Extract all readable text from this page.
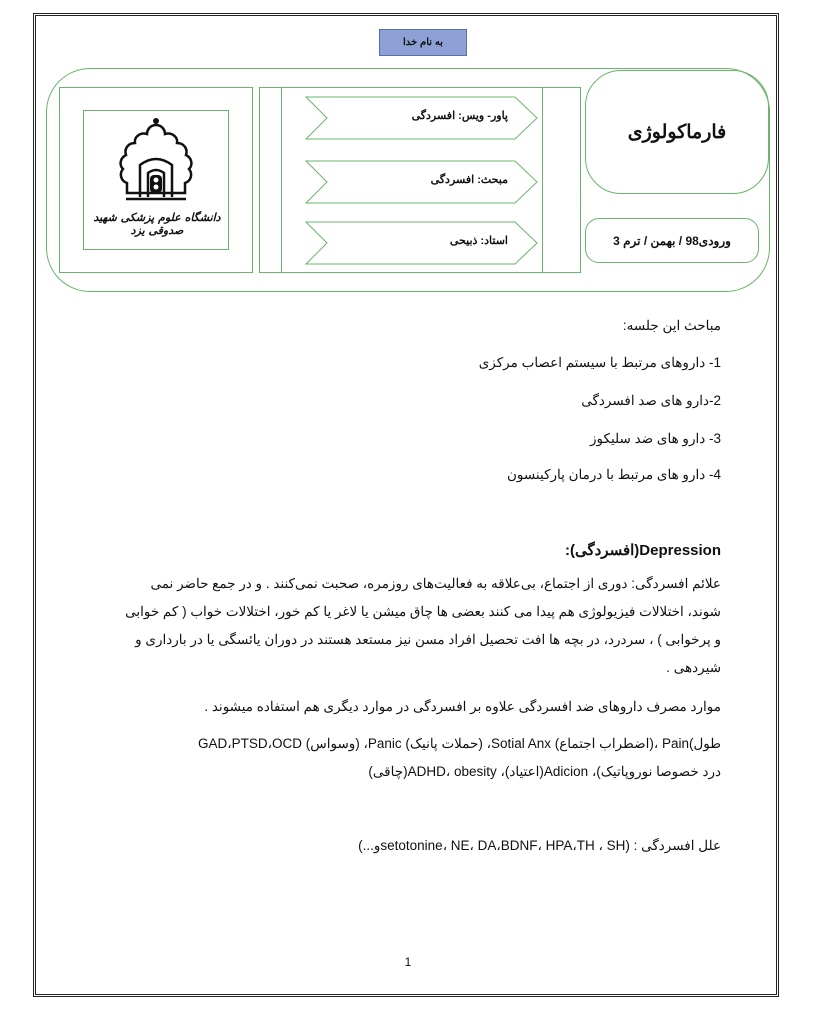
به نام خدا
دانشگاه علوم پزشکی شهید صدوقی یزد
پاور- ویس: افسردگی
مبحث: افسردگی
استاد: ذبیحی
فارماکولوژی
ورودی98 / بهمن / ترم 3
مباحث این جلسه:
1- داروهای مرتبط با سیستم اعصاب مرکزی
2-دارو های صد افسردگی
3- دارو های ضد سلیکوز
4- دارو های مرتبط با درمان پارکینسون
Depression(افسردگی):
علائم افسردگی: دوری از اجتماع، بی‌علاقه به فعالیت‌های روزمره، صحبت نمی‌کنند . و در جمع حاضر نمی
شوند، اختلالات فیزیولوژی هم پیدا می کنند بعضی ها چاق میشن یا لاغر یا کم خور، اختلالات خواب ( کم خوابی
و پرخوابی ) ، سردرد، در بچه ها افت تحصیل افراد مسن نیز مستعد هستند در دوران یائسگی یا در بارداری و
شیردهی .
موارد مصرف داروهای ضد افسردگی علاوه بر افسردگی در موارد دیگری هم استفاده میشوند .
GAD،PTSD،OCD (وسواس) ،Panic (حملات پانیک) ،Sotial Anx (اضطراب اجتماع)، Pain(طول
درد خصوصا نوروپاتیک)، Adicion(اعتیاد)، ADHD، obesity(چاقی)
علل افسردگی : (setotonine، NE، DA،BDNF، HPA،TH ، SHو...)
1
